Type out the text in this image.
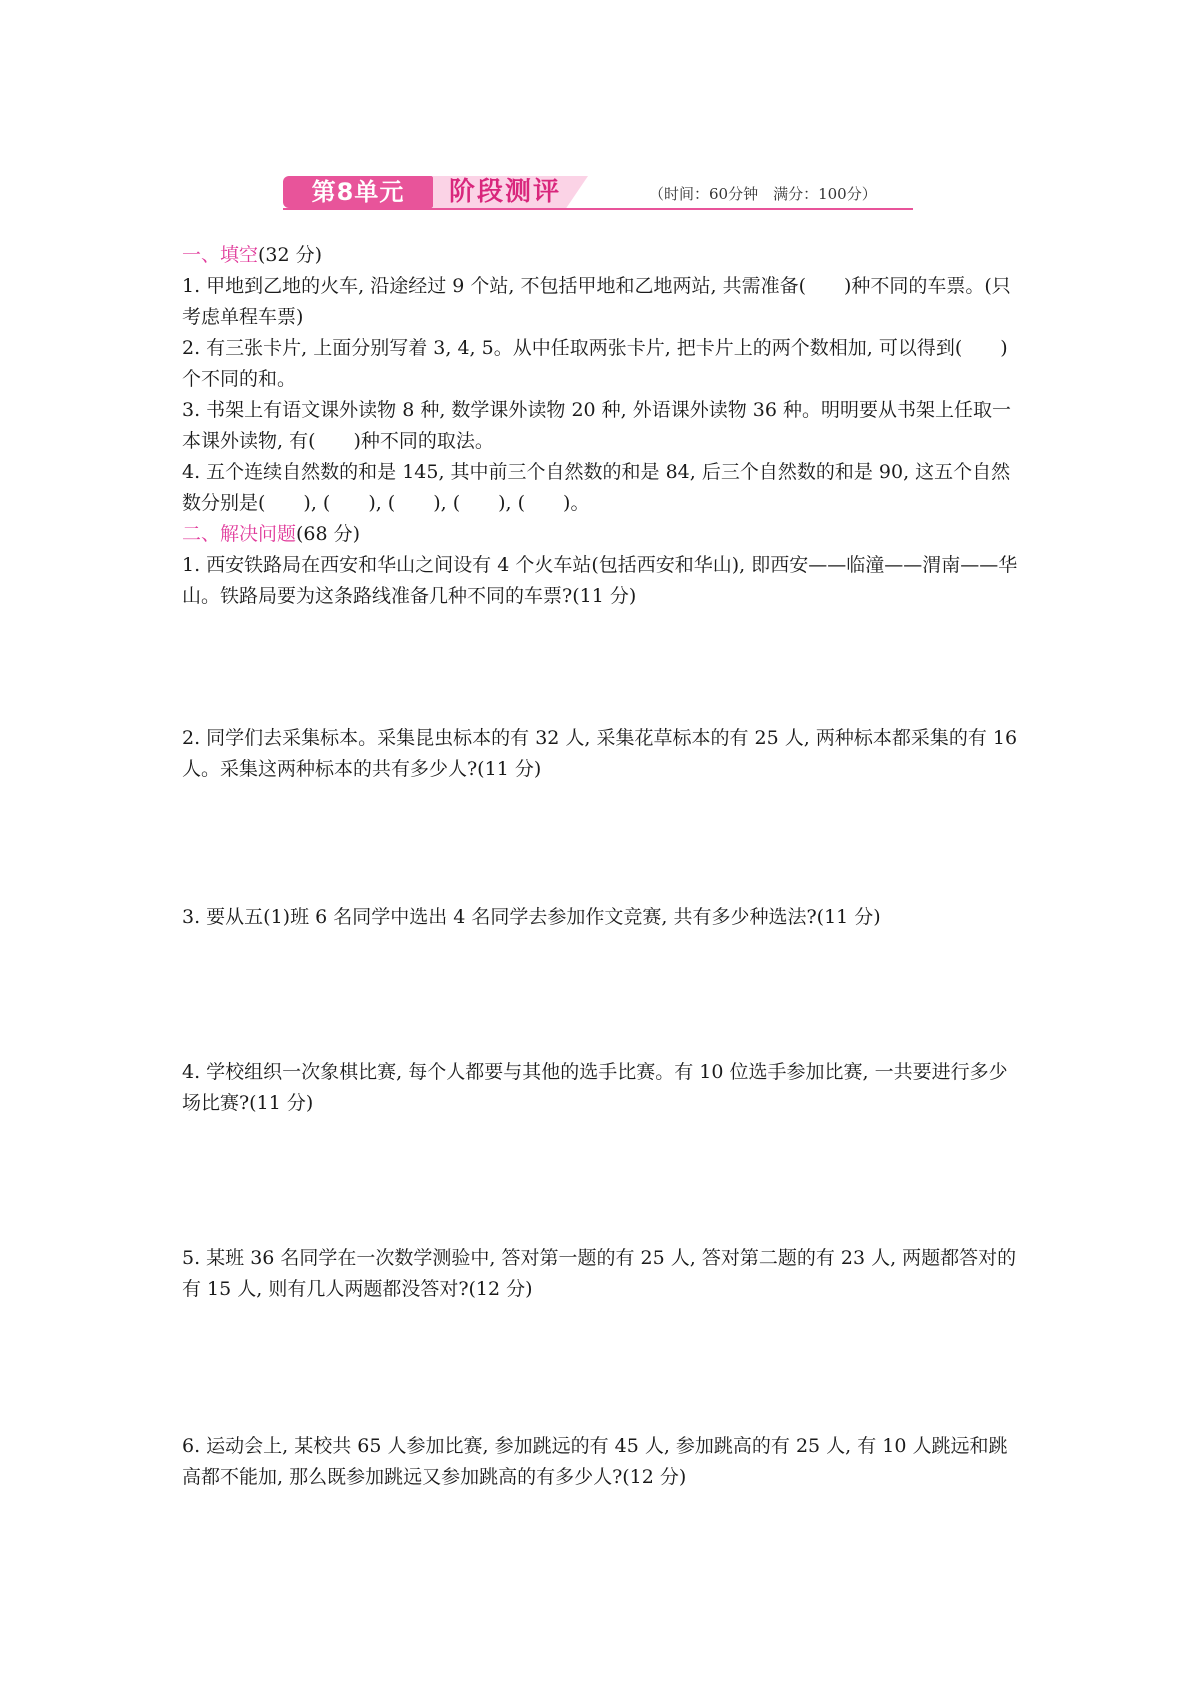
第8单元	阶段测评	（时间：60分钟　满分：100分）

一、填空(32 分)

1. 甲地到乙地的火车, 沿途经过 9 个站, 不包括甲地和乙地两站, 共需准备(　　)种不同的车票。(只考虑单程车票)

2. 有三张卡片, 上面分别写着 3, 4, 5。从中任取两张卡片, 把卡片上的两个数相加, 可以得到(　　)个不同的和。

3. 书架上有语文课外读物 8 种, 数学课外读物 20 种, 外语课外读物 36 种。明明要从书架上任取一本课外读物, 有(　　)种不同的取法。

4. 五个连续自然数的和是 145, 其中前三个自然数的和是 84, 后三个自然数的和是 90, 这五个自然数分别是(　　), (　　), (　　), (　　), (　　)。

二、解决问题(68 分)

1. 西安铁路局在西安和华山之间设有 4 个火车站(包括西安和华山), 即西安——临潼——渭南——华山。铁路局要为这条路线准备几种不同的车票?(11 分)

2. 同学们去采集标本。采集昆虫标本的有 32 人, 采集花草标本的有 25 人, 两种标本都采集的有 16 人。采集这两种标本的共有多少人?(11 分)

3. 要从五(1)班 6 名同学中选出 4 名同学去参加作文竞赛, 共有多少种选法?(11 分)

4. 学校组织一次象棋比赛, 每个人都要与其他的选手比赛。有 10 位选手参加比赛, 一共要进行多少场比赛?(11 分)

5. 某班 36 名同学在一次数学测验中, 答对第一题的有 25 人, 答对第二题的有 23 人, 两题都答对的有 15 人, 则有几人两题都没答对?(12 分)

6. 运动会上, 某校共 65 人参加比赛, 参加跳远的有 45 人, 参加跳高的有 25 人, 有 10 人跳远和跳高都不能加, 那么既参加跳远又参加跳高的有多少人?(12 分)
